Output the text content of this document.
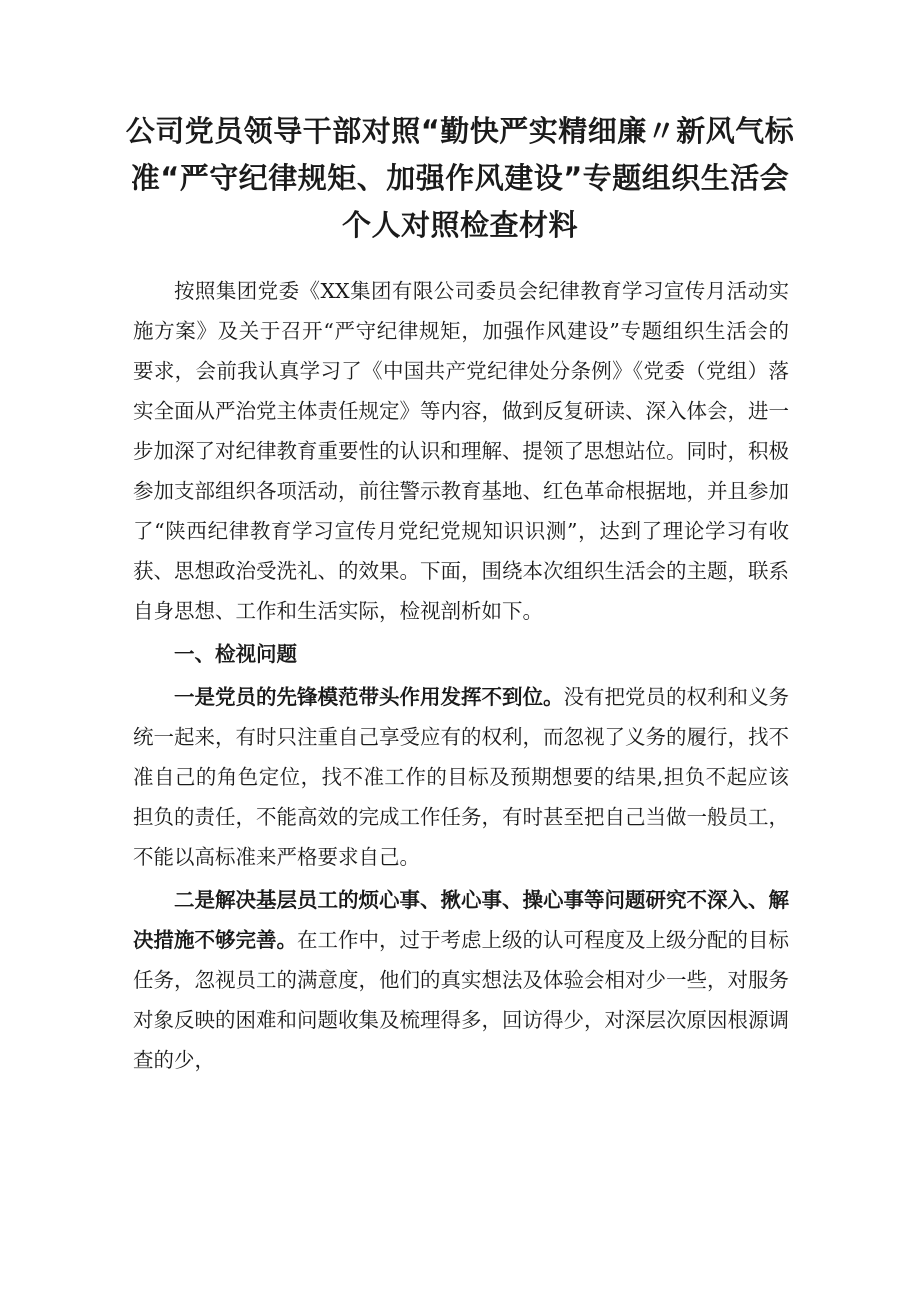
公司党员领导干部对照“勤快严实精细廉〃新风气标
准“严守纪律规矩、加强作风建设”专题组织生活会
个人对照检查材料

按照集团党委《XX集团有限公司委员会纪律教育学习宣传月活动实施方案》及关于召开“严守纪律规矩，加强作风建设”专题组织生活会的要求，会前我认真学习了《中国共产党纪律处分条例》《党委（党组）落实全面从严治党主体责任规定》等内容，做到反复研读、深入体会，进一步加深了对纪律教育重要性的认识和理解、提领了思想站位。同时，积极参加支部组织各项活动，前往警示教育基地、红色革命根据地，并且参加了“陕西纪律教育学习宣传月党纪党规知识识测”，达到了理论学习有收获、思想政治受洗礼、的效果。下面，围绕本次组织生活会的主题，联系自身思想、工作和生活实际，检视剖析如下。

一、检视问题

一是党员的先锋模范带头作用发挥不到位。没有把党员的权利和义务统一起来，有时只注重自己享受应有的权利，而忽视了义务的履行，找不准自己的角色定位，找不准工作的目标及预期想要的结果,担负不起应该担负的责任，不能高效的完成工作任务，有时甚至把自己当做一般员工，不能以高标准来严格要求自己。

二是解决基层员工的烦心事、揪心事、操心事等问题研究不深入、解决措施不够完善。在工作中，过于考虑上级的认可程度及上级分配的目标任务，忽视员工的满意度，他们的真实想法及体验会相对少一些，对服务对象反映的困难和问题收集及梳理得多，回访得少，对深层次原因根源调查的少，
